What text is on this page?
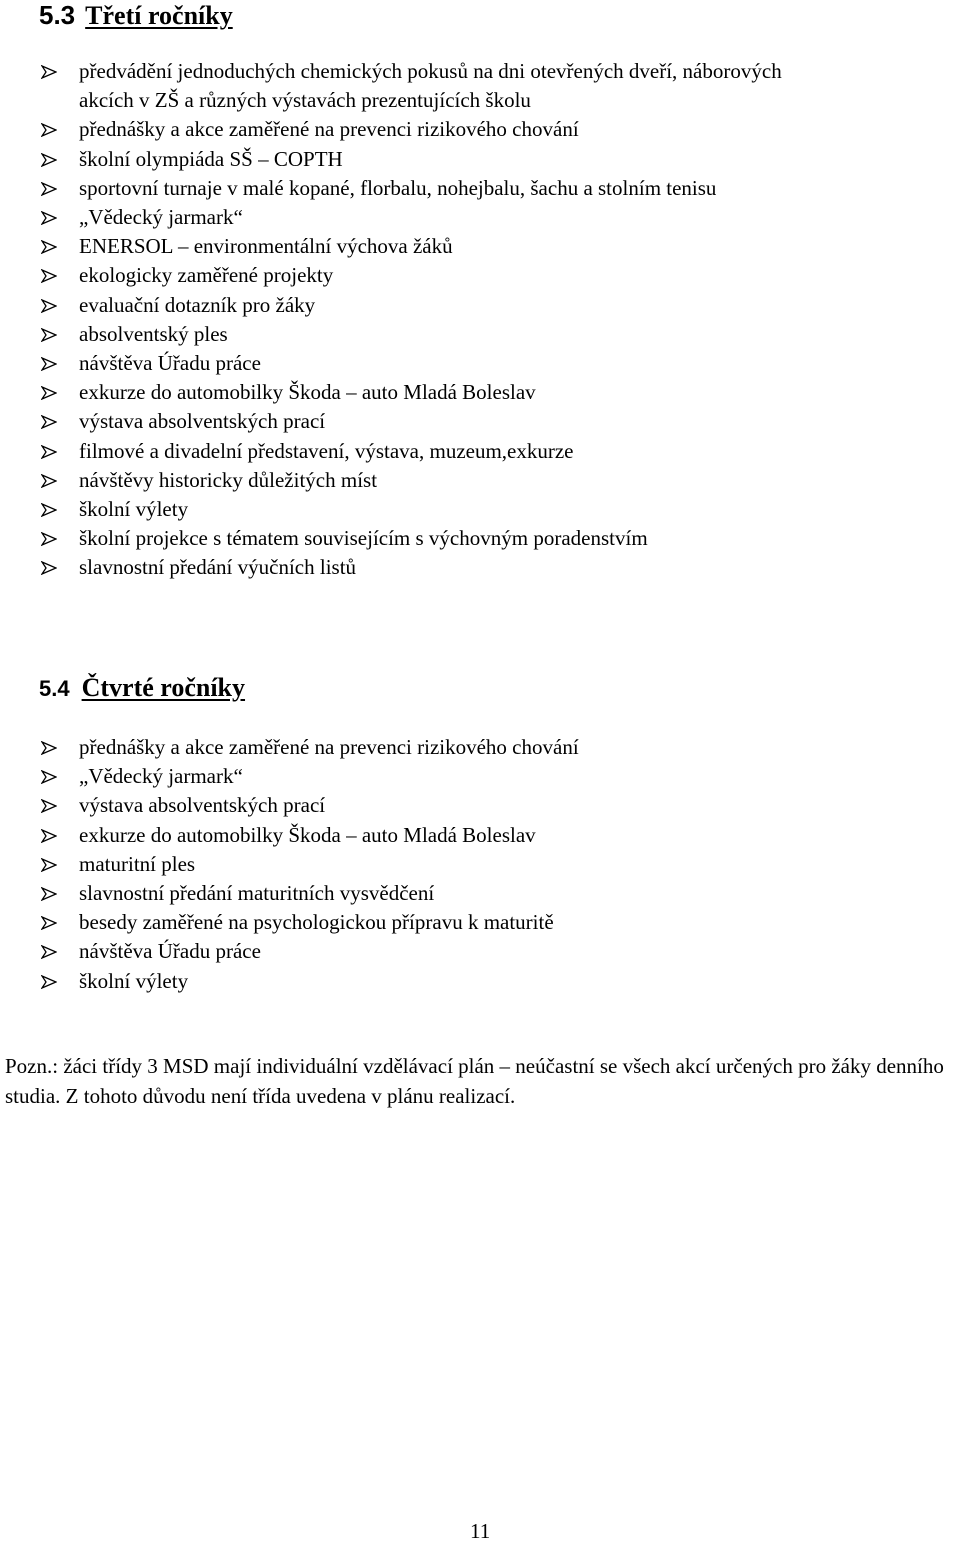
5.3 Třetí ročníky
předvádění jednoduchých chemických pokusů na dni otevřených dveří, náborových
akcích v ZŠ a různých výstavách prezentujících školu
přednášky a akce zaměřené na prevenci rizikového chování
školní olympiáda SŠ – COPTH
sportovní turnaje v malé kopané, florbalu, nohejbalu, šachu a stolním tenisu
„Vědecký jarmark“
ENERSOL – environmentální výchova žáků
ekologicky zaměřené projekty
evaluační dotazník pro žáky
absolventský ples
návštěva Úřadu práce
exkurze do automobilky Škoda – auto Mladá Boleslav
výstava absolventských prací
filmové a divadelní představení, výstava, muzeum,exkurze
návštěvy historicky důležitých míst
školní výlety
školní projekce s tématem souvisejícím s výchovným poradenstvím
slavnostní předání výučních listů
5.4 Čtvrté ročníky
přednášky a akce zaměřené na prevenci rizikového chování
„Vědecký jarmark“
výstava absolventských prací
exkurze do automobilky Škoda – auto Mladá Boleslav
maturitní ples
slavnostní předání maturitních vysvědčení
besedy zaměřené na psychologickou přípravu k maturitě
návštěva Úřadu práce
školní výlety

Pozn.: žáci třídy 3 MSD mají individuální vzdělávací plán – neúčastní se všech akcí určených pro žáky denního studia. Z tohoto důvodu není třída uvedena v plánu realizací.

11
